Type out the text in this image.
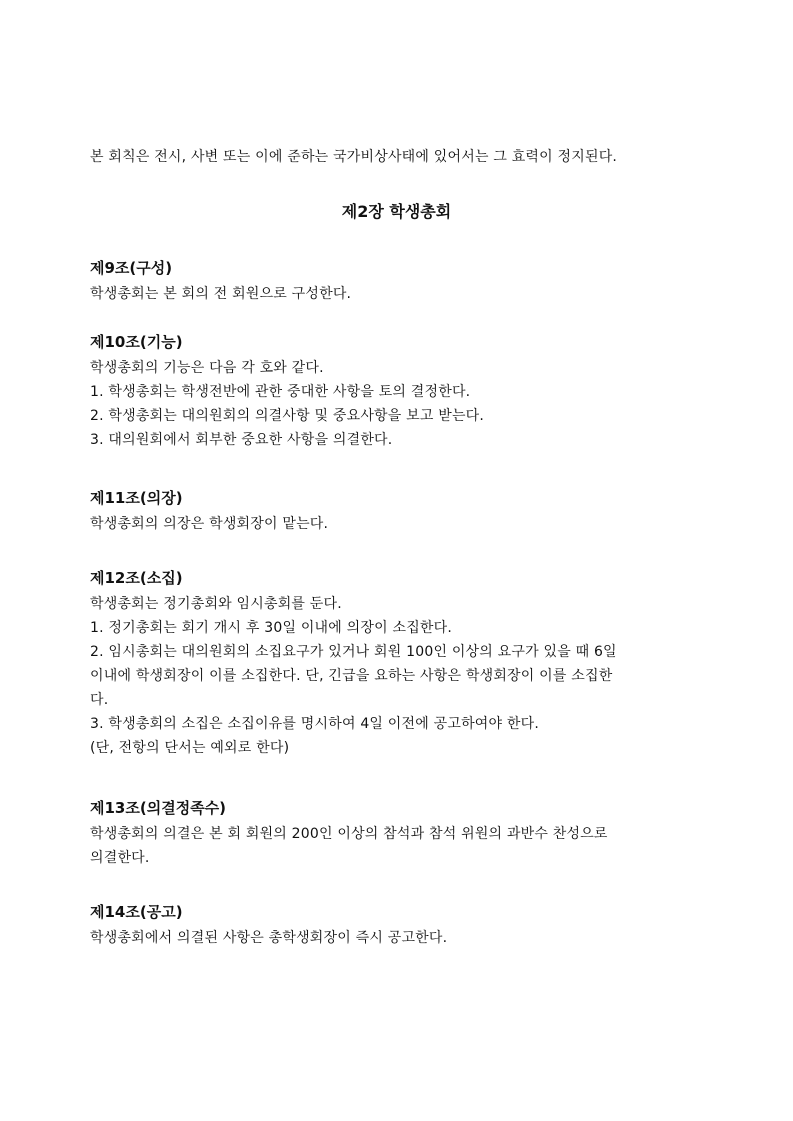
본 회칙은 전시, 사변 또는 이에 준하는 국가비상사태에 있어서는 그 효력이 정지된다.
제2장 학생총회
제9조(구성)
학생총회는 본 회의 전 회원으로 구성한다.
제10조(기능)
학생총회의 기능은 다음 각 호와 같다.
1. 학생총회는 학생전반에 관한 중대한 사항을 토의 결정한다.
2. 학생총회는 대의원회의 의결사항 및 중요사항을 보고 받는다.
3. 대의원회에서 회부한 중요한 사항을 의결한다.
제11조(의장)
학생총회의 의장은 학생회장이 맡는다.
제12조(소집)
학생총회는 정기총회와 임시총회를 둔다.
1. 정기총회는 회기 개시 후 30일 이내에 의장이 소집한다.
2. 임시총회는 대의원회의 소집요구가 있거나 회원 100인 이상의 요구가 있을 때 6일
이내에 학생회장이 이를 소집한다. 단, 긴급을 요하는 사항은 학생회장이 이를 소집한
다.
3. 학생총회의 소집은 소집이유를 명시하여 4일 이전에 공고하여야 한다.
(단, 전항의 단서는 예외로 한다)
제13조(의결정족수)
학생총회의 의결은 본 회 회원의 200인 이상의 참석과 참석 위원의 과반수 찬성으로
의결한다.
제14조(공고)
학생총회에서 의결된 사항은 총학생회장이 즉시 공고한다.
